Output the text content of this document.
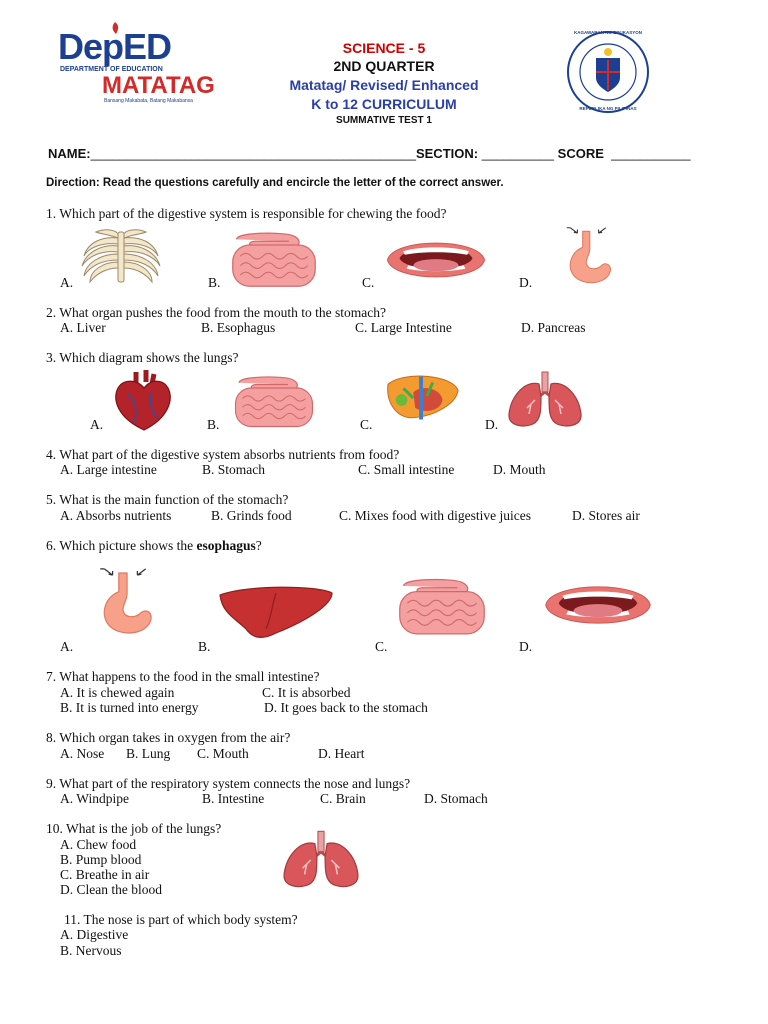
DepED
DEPARTMENT OF EDUCATION
MATATAG
Bansang Makabata, Batang Makabansa
SCIENCE - 5
2ND QUARTER
Matatag/ Revised/ Enhanced
K to 12 CURRICULUM
SUMMATIVE TEST 1
KAGAWARAN NG EDUKASYON
REPUBLIKA NG PILIPINAS
NAME:_____________________________________________SECTION: __________ SCORE ___________
Direction: Read the questions carefully and encircle the letter of the correct answer.
1. Which part of the digestive system is responsible for chewing the food?
A.	B.	C.	D.
2. What organ pushes the food from the mouth to the stomach?
A. Liver	B. Esophagus	C. Large Intestine	D. Pancreas
3. Which diagram shows the lungs?
A.	B.	C.	D.
4. What part of the digestive system absorbs nutrients from food?
A. Large intestine	B. Stomach	C. Small intestine	D. Mouth
5. What is the main function of the stomach?
A. Absorbs nutrients	B. Grinds food	C. Mixes food with digestive juices	D. Stores air
6. Which picture shows the esophagus?
A.	B.	C.	D.
7. What happens to the food in the small intestine?
A. It is chewed again	C. It is absorbed
B. It is turned into energy	D. It goes back to the stomach
8. Which organ takes in oxygen from the air?
A. Nose B. Lung C. Mouth	D. Heart
9. What part of the respiratory system connects the nose and lungs?
A. Windpipe	B. Intestine	C. Brain	D. Stomach
10. What is the job of the lungs?
A. Chew food
B. Pump blood
C. Breathe in air
D. Clean the blood
11. The nose is part of which body system?
A. Digestive
B. Nervous
